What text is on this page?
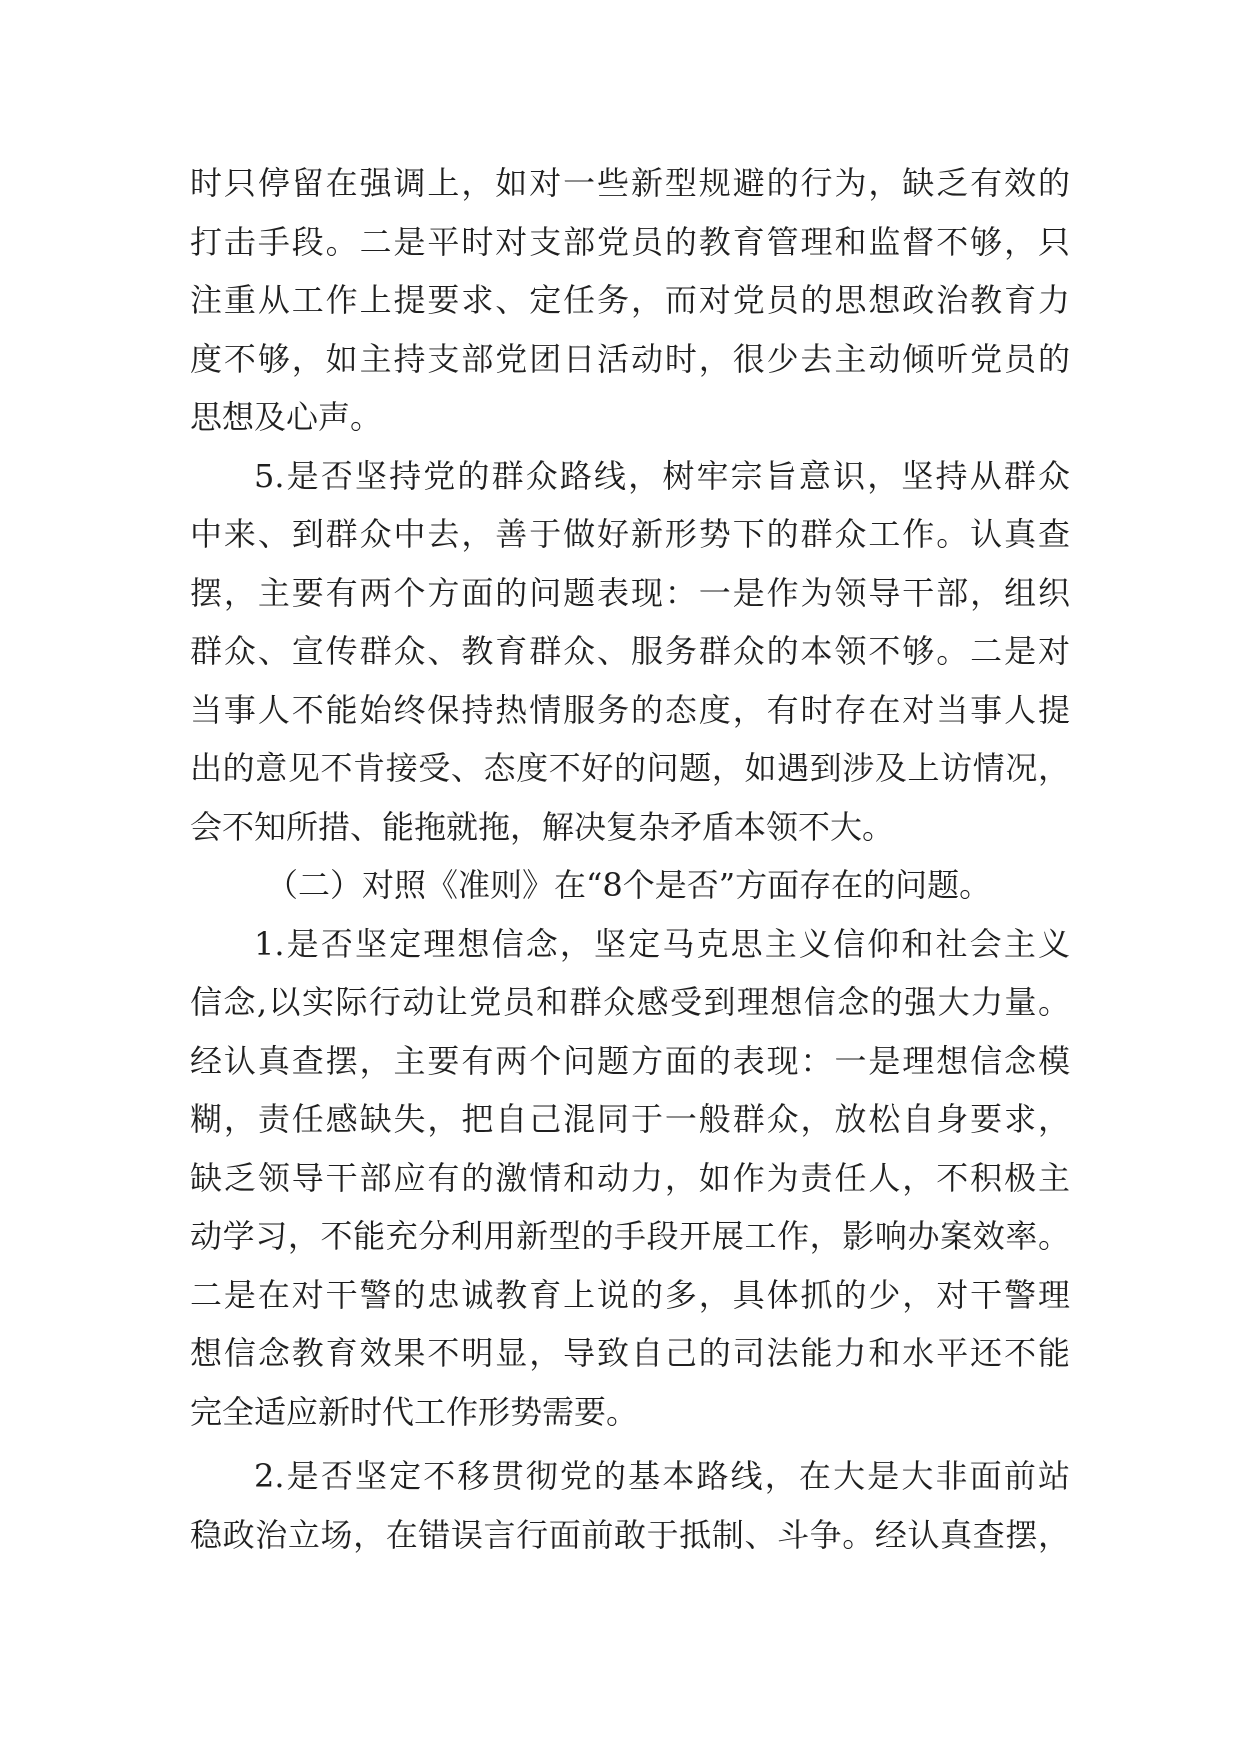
时只停留在强调上，如对一些新型规避的行为，缺乏有效的
打击手段。二是平时对支部党员的教育管理和监督不够，只
注重从工作上提要求、定任务，而对党员的思想政治教育力
度不够，如主持支部党团日活动时，很少去主动倾听党员的
思想及心声。
5.是否坚持党的群众路线，树牢宗旨意识，坚持从群众
中来、到群众中去，善于做好新形势下的群众工作。认真查
摆，主要有两个方面的问题表现：一是作为领导干部，组织
群众、宣传群众、教育群众、服务群众的本领不够。二是对
当事人不能始终保持热情服务的态度，有时存在对当事人提
出的意见不肯接受、态度不好的问题，如遇到涉及上访情况，
会不知所措、能拖就拖，解决复杂矛盾本领不大。
（二）对照《准则》在“8个是否”方面存在的问题。
1.是否坚定理想信念，坚定马克思主义信仰和社会主义
信念,以实际行动让党员和群众感受到理想信念的强大力量。
经认真查摆，主要有两个问题方面的表现：一是理想信念模
糊，责任感缺失，把自己混同于一般群众，放松自身要求，
缺乏领导干部应有的激情和动力，如作为责任人，不积极主
动学习，不能充分利用新型的手段开展工作，影响办案效率。
二是在对干警的忠诚教育上说的多，具体抓的少，对干警理
想信念教育效果不明显，导致自己的司法能力和水平还不能
完全适应新时代工作形势需要。
2.是否坚定不移贯彻党的基本路线，在大是大非面前站
稳政治立场，在错误言行面前敢于抵制、斗争。经认真查摆，
